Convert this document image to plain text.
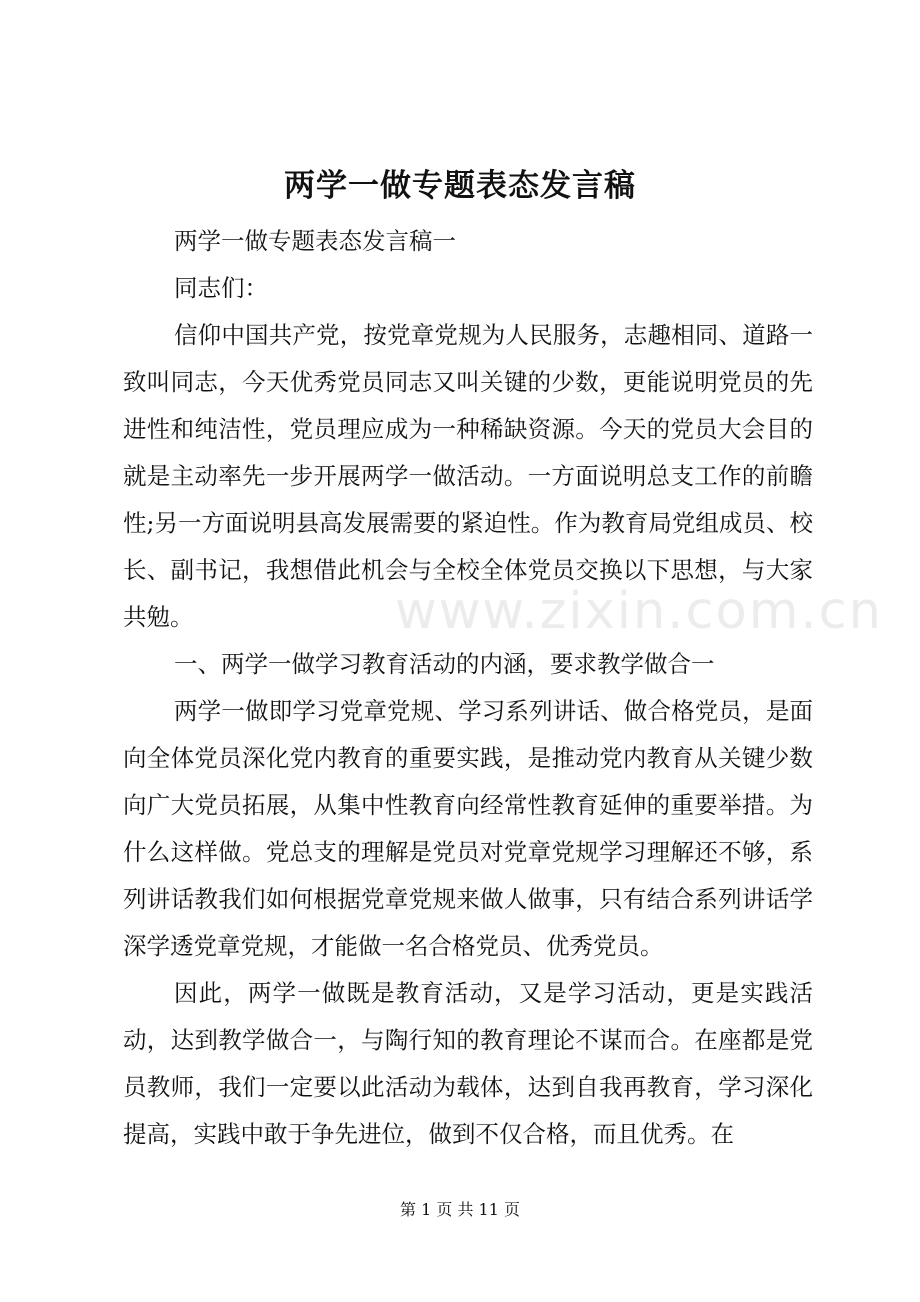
www.zixin.com.cn
两学一做专题表态发言稿

两学一做专题表态发言稿一

同志们：

信仰中国共产党，按党章党规为人民服务，志趣相同、道路一致叫同志，今天优秀党员同志又叫关键的少数，更能说明党员的先进性和纯洁性，党员理应成为一种稀缺资源。今天的党员大会目的就是主动率先一步开展两学一做活动。一方面说明总支工作的前瞻性;另一方面说明县高发展需要的紧迫性。作为教育局党组成员、校长、副书记，我想借此机会与全校全体党员交换以下思想，与大家共勉。

一、两学一做学习教育活动的内涵，要求教学做合一

两学一做即学习党章党规、学习系列讲话、做合格党员，是面向全体党员深化党内教育的重要实践，是推动党内教育从关键少数向广大党员拓展，从集中性教育向经常性教育延伸的重要举措。为什么这样做。党总支的理解是党员对党章党规学习理解还不够，系列讲话教我们如何根据党章党规来做人做事，只有结合系列讲话学深学透党章党规，才能做一名合格党员、优秀党员。

因此，两学一做既是教育活动，又是学习活动，更是实践活动，达到教学做合一，与陶行知的教育理论不谋而合。在座都是党员教师，我们一定要以此活动为载体，达到自我再教育，学习深化提高，实践中敢于争先进位，做到不仅合格，而且优秀。在

第 1 页 共 11 页
